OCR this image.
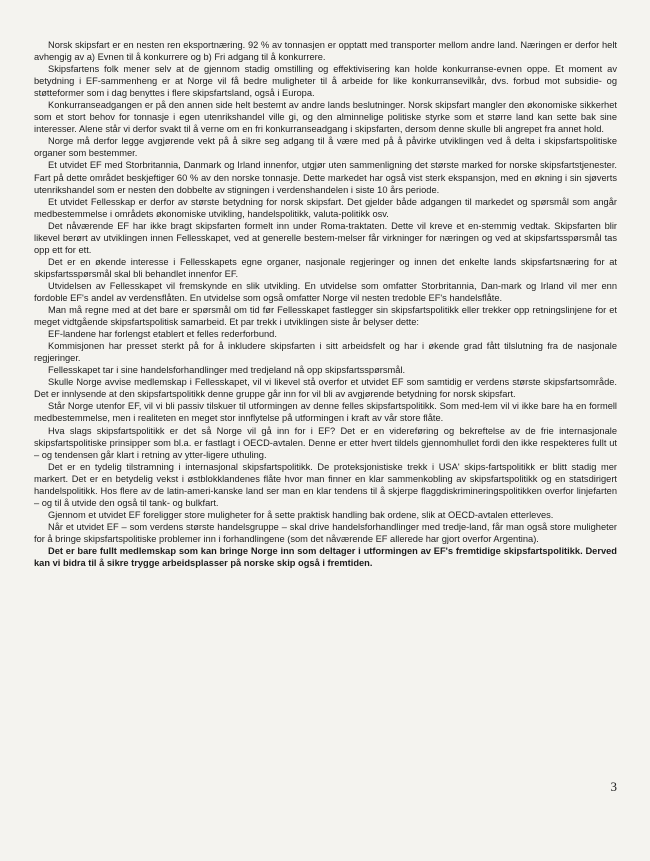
Norsk skipsfart er en nesten ren eksportnæring. 92 % av tonnasjen er opptatt med transporter mellom andre land. Næringen er derfor helt avhengig av a) Evnen til å konkurrere og b) Fri adgang til å konkurrere.

Skipsfartens folk mener selv at de gjennom stadig omstilling og effektivisering kan holde konkurranse-evnen oppe. Et moment av betydning i EF-sammenheng er at Norge vil få bedre muligheter til å arbeide for like konkurransevilkår, dvs. forbud mot subsidie- og støtteformer som i dag benyttes i flere skipsfartsland, også i Europa.

Konkurranseadgangen er på den annen side helt bestemt av andre lands beslutninger. Norsk skipsfart mangler den økonomiske sikkerhet som et stort behov for tonnasje i egen utenrikshandel ville gi, og den alminnelige politiske styrke som et større land kan sette bak sine interesser. Alene står vi derfor svakt til å verne om en fri konkurranseadgang i skipsfarten, dersom denne skulle bli angrepet fra annet hold.

Norge må derfor legge avgjørende vekt på å sikre seg adgang til å være med på å påvirke utviklingen ved å delta i skipsfartspolitiske organer som bestemmer.

Et utvidet EF med Storbritannia, Danmark og Irland innenfor, utgjør uten sammenligning det største marked for norske skipsfartstjenester. Fart på dette området beskjeftiger 60 % av den norske tonnasje. Dette markedet har også vist sterk ekspansjon, med en økning i sin sjøverts utenrikshandel som er nesten den dobbelte av stigningen i verdenshandelen i siste 10 års periode.

Et utvidet Fellesskap er derfor av største betydning for norsk skipsfart. Det gjelder både adgangen til markedet og spørsmål som angår medbestemmelse i områdets økonomiske utvikling, handelspolitikk, valuta-politikk osv.

Det nåværende EF har ikke bragt skipsfarten formelt inn under Roma-traktaten. Dette vil kreve et en-stemmig vedtak. Skipsfarten blir likevel berørt av utviklingen innen Fellesskapet, ved at generelle bestem-melser får virkninger for næringen og ved at skipsfartsspørsmål tas opp ett for ett.

Det er en økende interesse i Fellesskapets egne organer, nasjonale regjeringer og innen det enkelte lands skipsfartsnæring for at skipsfartsspørsmål skal bli behandlet innenfor EF.

Utvidelsen av Fellesskapet vil fremskynde en slik utvikling. En utvidelse som omfatter Storbritannia, Dan-mark og Irland vil mer enn fordoble EF's andel av verdensflåten. En utvidelse som også omfatter Norge vil nesten tredoble EF's handelsflåte.

Man må regne med at det bare er spørsmål om tid før Fellesskapet fastlegger sin skipsfartspolitikk eller trekker opp retningslinjene for et meget vidtgående skipsfartspolitisk samarbeid. Et par trekk i utviklingen siste år belyser dette:

EF-landene har forlengst etablert et felles rederforbund.

Kommisjonen har presset sterkt på for å inkludere skipsfarten i sitt arbeidsfelt og har i økende grad fått tilslutning fra de nasjonale regjeringer.

Fellesskapet tar i sine handelsforhandlinger med tredjeland nå opp skipsfartsspørsmål.

Skulle Norge avvise medlemskap i Fellesskapet, vil vi likevel stå overfor et utvidet EF som samtidig er verdens største skipsfartsområde. Det er innlysende at den skipsfartspolitikk denne gruppe går inn for vil bli av avgjørende betydning for norsk skipsfart.

Står Norge utenfor EF, vil vi bli passiv tilskuer til utformingen av denne felles skipsfartspolitikk. Som med-lem vil vi ikke bare ha en formell medbestemmelse, men i realiteten en meget stor innflytelse på utformingen i kraft av vår store flåte.

Hva slags skipsfartspolitikk er det så Norge vil gå inn for i EF? Det er en videreføring og bekreftelse av de frie internasjonale skipsfartspolitiske prinsipper som bl.a. er fastlagt i OECD-avtalen. Denne er etter hvert tildels gjennomhullet fordi den ikke respekteres fullt ut – og tendensen går klart i retning av ytter-ligere uthuling.

Det er en tydelig tilstramning i internasjonal skipsfartspolitikk. De proteksjonistiske trekk i USA' skips-fartspolitikk er blitt stadig mer markert. Det er en betydelig vekst i østblokklandenes flåte hvor man finner en klar sammenkobling av skipsfartspolitikk og en statsdirigert handelspolitikk. Hos flere av de latin-ameri-kanske land ser man en klar tendens til å skjerpe flaggdiskrimineringspolitikken overfor linjefarten – og til å utvide den også til tank- og bulkfart.

Gjennom et utvidet EF foreligger store muligheter for å sette praktisk handling bak ordene, slik at OECD-avtalen etterleves.

Når et utvidet EF – som verdens største handelsgruppe – skal drive handelsforhandlinger med tredje-land, får man også store muligheter for å bringe skipsfartspolitiske problemer inn i forhandlingene (som det nåværende EF allerede har gjort overfor Argentina).

Det er bare fullt medlemskap som kan bringe Norge inn som deltager i utformingen av EF's fremtidige skipsfartspolitikk. Derved kan vi bidra til å sikre trygge arbeidsplasser på norske skip også i fremtiden.

3
